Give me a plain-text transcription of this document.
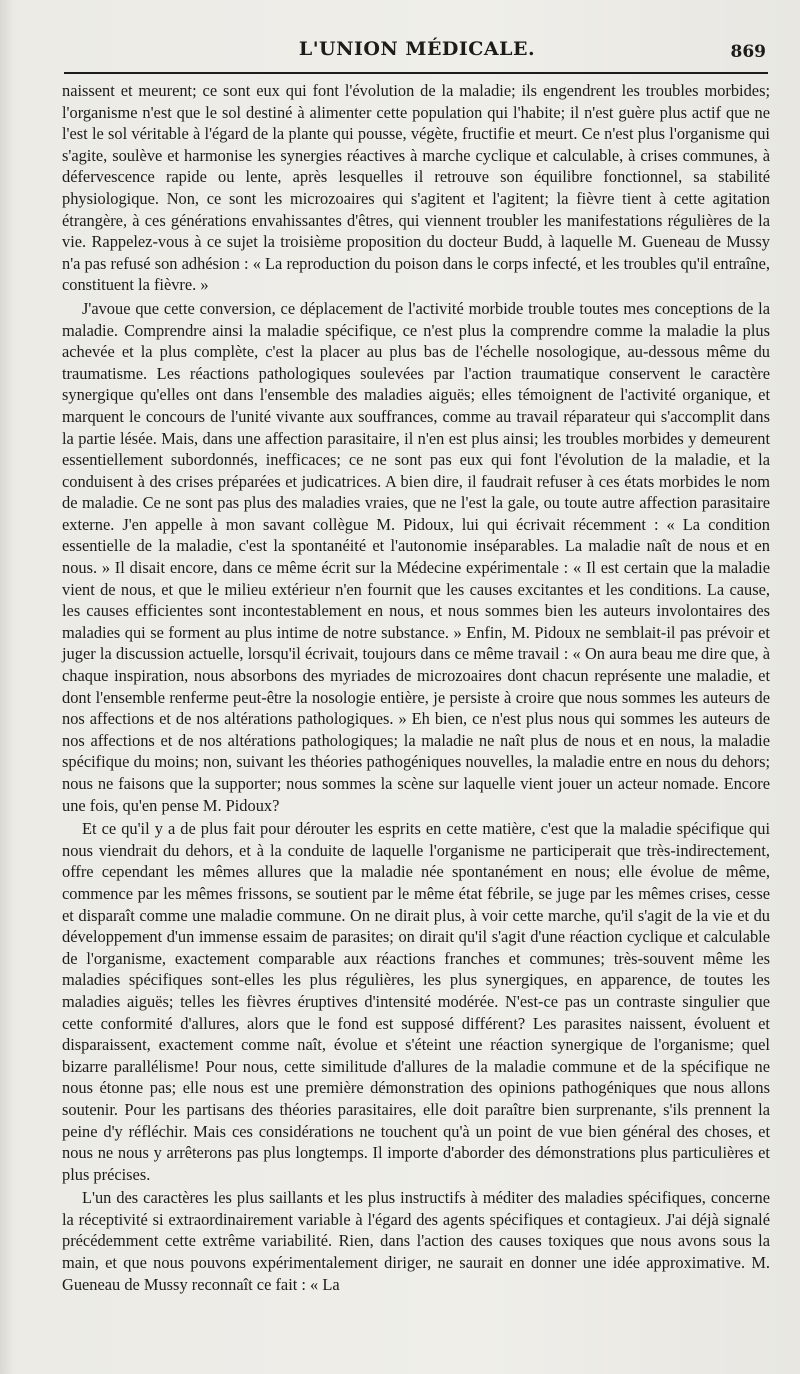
L'UNION MÉDICALE.	869

naissent et meurent; ce sont eux qui font l'évolution de la maladie; ils engendrent les troubles morbides; l'organisme n'est que le sol destiné à alimenter cette population qui l'habite; il n'est guère plus actif que ne l'est le sol véritable à l'égard de la plante qui pousse, végète, fructifie et meurt. Ce n'est plus l'organisme qui s'agite, soulève et harmonise les synergies réactives à marche cyclique et calculable, à crises communes, à défervescence rapide ou lente, après lesquelles il retrouve son équilibre fonctionnel, sa stabilité physiologique. Non, ce sont les microzoaires qui s'agitent et l'agitent; la fièvre tient à cette agitation étrangère, à ces générations envahissantes d'êtres, qui viennent troubler les manifestations régulières de la vie. Rappelez-vous à ce sujet la troisième proposition du docteur Budd, à laquelle M. Gueneau de Mussy n'a pas refusé son adhésion : « La reproduction du poison dans le corps infecté, et les troubles qu'il entraîne, constituent la fièvre. »

J'avoue que cette conversion, ce déplacement de l'activité morbide trouble toutes mes conceptions de la maladie. Comprendre ainsi la maladie spécifique, ce n'est plus la comprendre comme la maladie la plus achevée et la plus complète, c'est la placer au plus bas de l'échelle nosologique, au-dessous même du traumatisme. Les réactions pathologiques soulevées par l'action traumatique conservent le caractère synergique qu'elles ont dans l'ensemble des maladies aiguës; elles témoignent de l'activité organique, et marquent le concours de l'unité vivante aux souffrances, comme au travail réparateur qui s'accomplit dans la partie lésée. Mais, dans une affection parasitaire, il n'en est plus ainsi; les troubles morbides y demeurent essentiellement subordonnés, inefficaces; ce ne sont pas eux qui font l'évolution de la maladie, et la conduisent à des crises préparées et judicatrices. A bien dire, il faudrait refuser à ces états morbides le nom de maladie. Ce ne sont pas plus des maladies vraies, que ne l'est la gale, ou toute autre affection parasitaire externe. J'en appelle à mon savant collègue M. Pidoux, lui qui écrivait récemment : « La condition essentielle de la maladie, c'est la spontanéité et l'autonomie inséparables. La maladie naît de nous et en nous. » Il disait encore, dans ce même écrit sur la Médecine expérimentale : « Il est certain que la maladie vient de nous, et que le milieu extérieur n'en fournit que les causes excitantes et les conditions. La cause, les causes efficientes sont incontestablement en nous, et nous sommes bien les auteurs involontaires des maladies qui se forment au plus intime de notre substance. » Enfin, M. Pidoux ne semblait-il pas prévoir et juger la discussion actuelle, lorsqu'il écrivait, toujours dans ce même travail : « On aura beau me dire que, à chaque inspiration, nous absorbons des myriades de microzoaires dont chacun représente une maladie, et dont l'ensemble renferme peut-être la nosologie entière, je persiste à croire que nous sommes les auteurs de nos affections et de nos altérations pathologiques. » Eh bien, ce n'est plus nous qui sommes les auteurs de nos affections et de nos altérations pathologiques; la maladie ne naît plus de nous et en nous, la maladie spécifique du moins; non, suivant les théories pathogéniques nouvelles, la maladie entre en nous du dehors; nous ne faisons que la supporter; nous sommes la scène sur laquelle vient jouer un acteur nomade. Encore une fois, qu'en pense M. Pidoux?

Et ce qu'il y a de plus fait pour dérouter les esprits en cette matière, c'est que la maladie spécifique qui nous viendrait du dehors, et à la conduite de laquelle l'organisme ne participerait que très-indirectement, offre cependant les mêmes allures que la maladie née spontanément en nous; elle évolue de même, commence par les mêmes frissons, se soutient par le même état fébrile, se juge par les mêmes crises, cesse et disparaît comme une maladie commune. On ne dirait plus, à voir cette marche, qu'il s'agit de la vie et du développement d'un immense essaim de parasites; on dirait qu'il s'agit d'une réaction cyclique et calculable de l'organisme, exactement comparable aux réactions franches et communes; très-souvent même les maladies spécifiques sont-elles les plus régulières, les plus synergiques, en apparence, de toutes les maladies aiguës; telles les fièvres éruptives d'intensité modérée. N'est-ce pas un contraste singulier que cette conformité d'allures, alors que le fond est supposé différent? Les parasites naissent, évoluent et disparaissent, exactement comme naît, évolue et s'éteint une réaction synergique de l'organisme; quel bizarre parallélisme! Pour nous, cette similitude d'allures de la maladie commune et de la spécifique ne nous étonne pas; elle nous est une première démonstration des opinions pathogéniques que nous allons soutenir. Pour les partisans des théories parasitaires, elle doit paraître bien surprenante, s'ils prennent la peine d'y réfléchir. Mais ces considérations ne touchent qu'à un point de vue bien général des choses, et nous ne nous y arrêterons pas plus longtemps. Il importe d'aborder des démonstrations plus particulières et plus précises.

L'un des caractères les plus saillants et les plus instructifs à méditer des maladies spécifiques, concerne la réceptivité si extraordinairement variable à l'égard des agents spécifiques et contagieux. J'ai déjà signalé précédemment cette extrême variabilité. Rien, dans l'action des causes toxiques que nous avons sous la main, et que nous pouvons expérimentalement diriger, ne saurait en donner une idée approximative. M. Gueneau de Mussy reconnaît ce fait : « La
